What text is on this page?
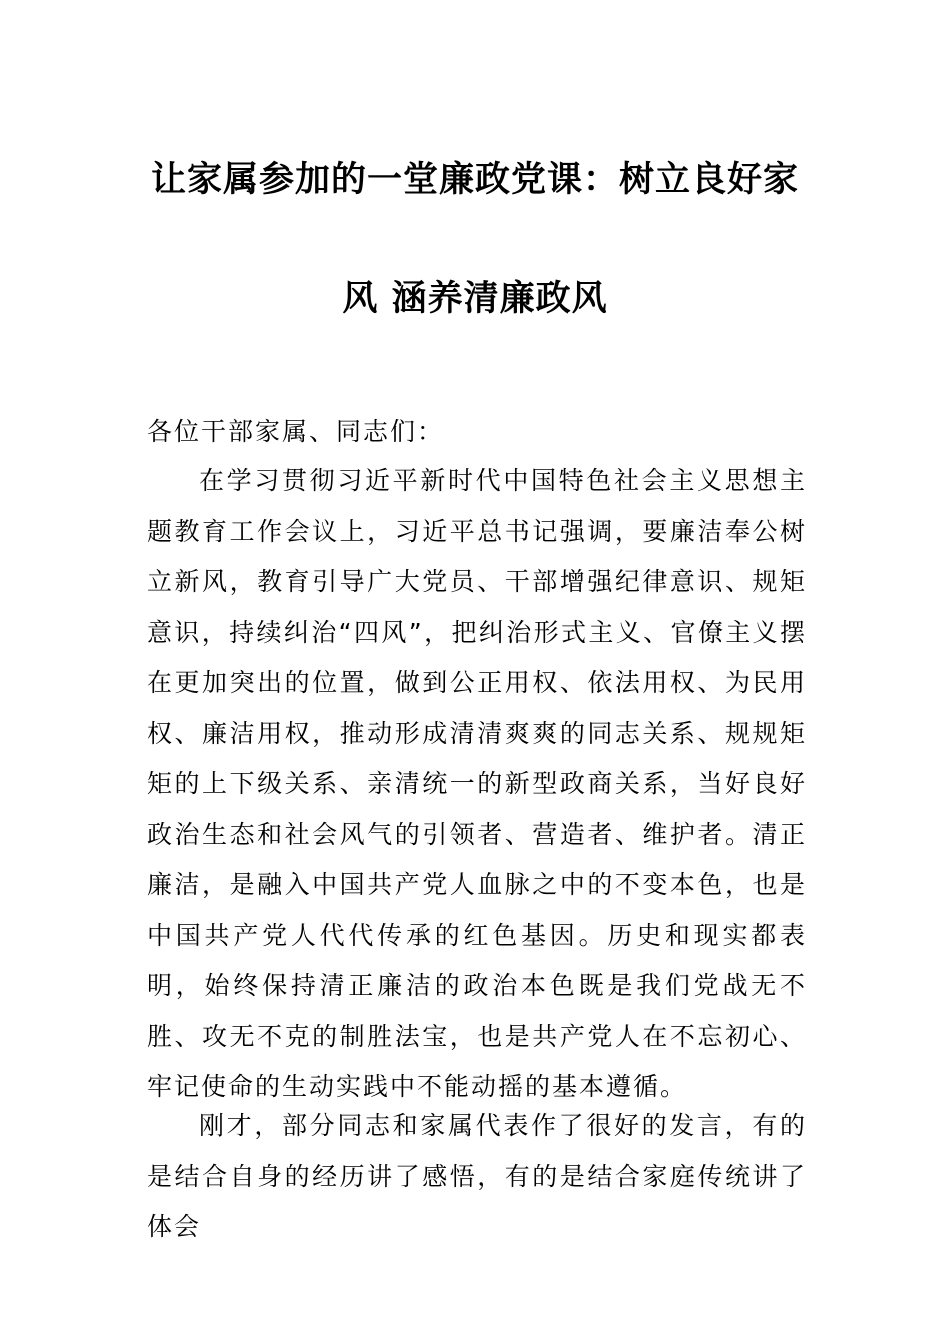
让家属参加的一堂廉政党课：树立良好家
风 涵养清廉政风
各位干部家属、同志们：
在学习贯彻习近平新时代中国特色社会主义思想主题教育工作会议上，习近平总书记强调，要廉洁奉公树立新风，教育引导广大党员、干部增强纪律意识、规矩意识，持续纠治“四风”，把纠治形式主义、官僚主义摆在更加突出的位置，做到公正用权、依法用权、为民用权、廉洁用权，推动形成清清爽爽的同志关系、规规矩矩的上下级关系、亲清统一的新型政商关系，当好良好政治生态和社会风气的引领者、营造者、维护者。清正廉洁，是融入中国共产党人血脉之中的不变本色，也是中国共产党人代代传承的红色基因。历史和现实都表明，始终保持清正廉洁的政治本色既是我们党战无不胜、攻无不克的制胜法宝，也是共产党人在不忘初心、牢记使命的生动实践中不能动摇的基本遵循。
刚才，部分同志和家属代表作了很好的发言，有的是结合自身的经历讲了感悟，有的是结合家庭传统讲了体会
